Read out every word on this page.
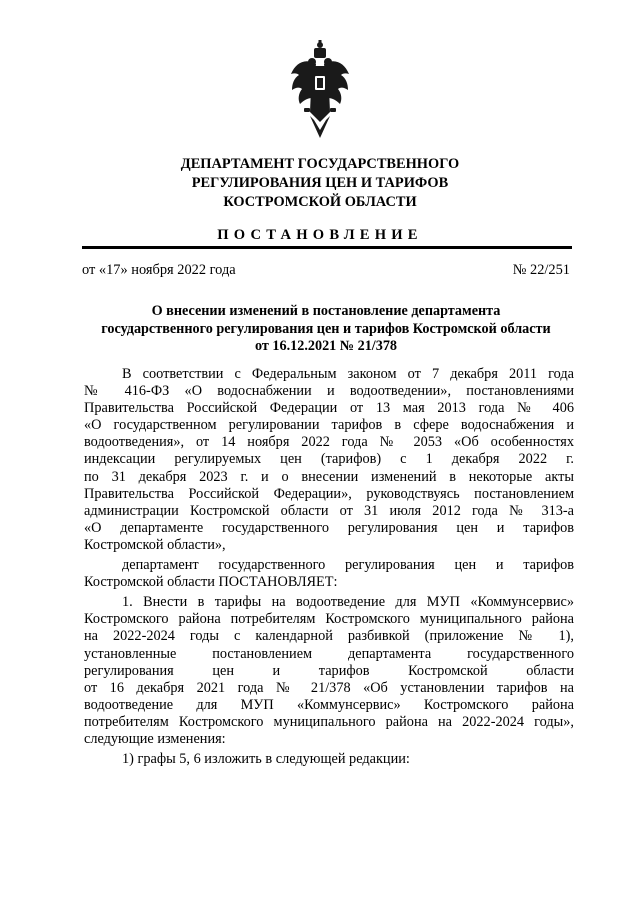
ДЕПАРТАМЕНТ ГОСУДАРСТВЕННОГО
РЕГУЛИРОВАНИЯ ЦЕН И ТАРИФОВ
КОСТРОМСКОЙ ОБЛАСТИ
ПОСТАНОВЛЕНИЕ
от «17» ноября 2022 года	№ 22/251
О внесении изменений в постановление департамента
государственного регулирования цен и тарифов Костромской области
от 16.12.2021 № 21/378

В соответствии с Федеральным законом от 7 декабря 2011 года

№ 416-ФЗ «О водоснабжении и водоотведении», постановлениями

Правительства Российской Федерации от 13 мая 2013 года № 406

«О государственном регулировании тарифов в сфере водоснабжения и

водоотведения», от 14 ноября 2022 года № 2053 «Об особенностях

индексации регулируемых цен (тарифов) с 1 декабря 2022 г.

по 31 декабря 2023 г. и о внесении изменений в некоторые акты

Правительства Российской Федерации», руководствуясь постановлением

администрации Костромской области от 31 июля 2012 года № 313-а

«О департаменте государственного регулирования цен и тарифов

Костромской области»,

департамент государственного регулирования цен и тарифов

Костромской области ПОСТАНОВЛЯЕТ:

1. Внести в тарифы на водоотведение для МУП «Коммунсервис»

Костромского района потребителям Костромского муниципального района

на 2022-2024 годы с календарной разбивкой (приложение № 1),

установленные постановлением департамента государственного

регулирования цен и тарифов Костромской области

от 16 декабря 2021 года № 21/378 «Об установлении тарифов на

водоотведение для МУП «Коммунсервис» Костромского района

потребителям Костромского муниципального района на 2022-2024 годы»,

следующие изменения:

1) графы 5, 6 изложить в следующей редакции:
